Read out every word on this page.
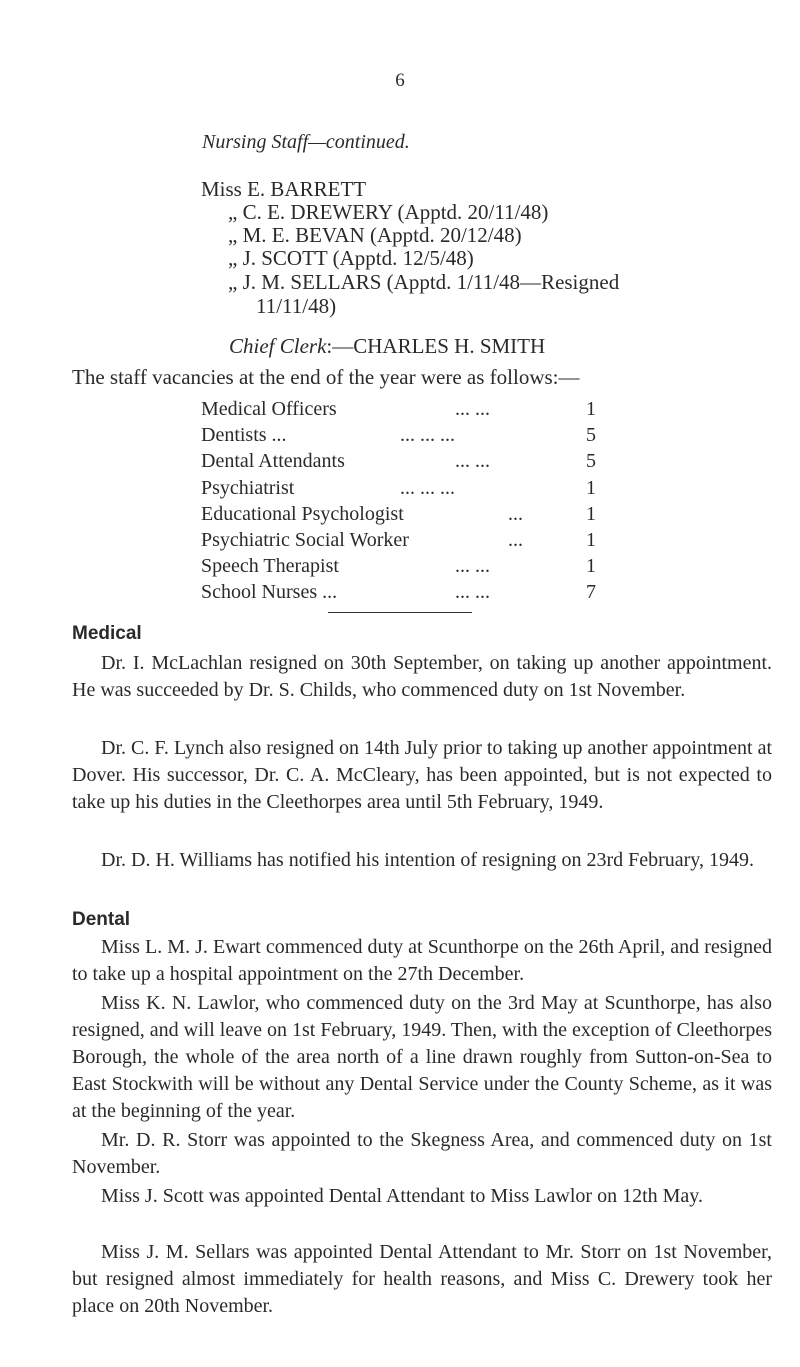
6
Nursing Staff—continued.
Miss E. BARRETT
„ C. E. DREWERY (Apptd. 20/11/48)
„ M. E. BEVAN (Apptd. 20/12/48)
„ J. SCOTT (Apptd. 12/5/48)
„ J. M. SELLARS (Apptd. 1/11/48—Resigned
11/11/48)
Chief Clerk:—CHARLES H. SMITH
The staff vacancies at the end of the year were as follows:—
Medical Officers	... ...	1
Dentists ...	... ... ...	5
Dental Attendants	... ...	5
Psychiatrist	... ... ...	1
Educational Psychologist	...	1
Psychiatric Social Worker	...	1
Speech Therapist	... ...	1
School Nurses ...	... ...	7
Medical
Dr. I. McLachlan resigned on 30th September, on taking up another appointment. He was succeeded by Dr. S. Childs, who commenced duty on 1st November.
Dr. C. F. Lynch also resigned on 14th July prior to taking up another appointment at Dover. His successor, Dr. C. A. McCleary, has been appointed, but is not expected to take up his duties in the Cleethorpes area until 5th February, 1949.
Dr. D. H. Williams has notified his intention of resigning on 23rd February, 1949.
Dental
Miss L. M. J. Ewart commenced duty at Scunthorpe on the 26th April, and resigned to take up a hospital appointment on the 27th December.
Miss K. N. Lawlor, who commenced duty on the 3rd May at Scunthorpe, has also resigned, and will leave on 1st February, 1949. Then, with the exception of Cleethorpes Borough, the whole of the area north of a line drawn roughly from Sutton-on-Sea to East Stockwith will be without any Dental Service under the County Scheme, as it was at the beginning of the year.
Mr. D. R. Storr was appointed to the Skegness Area, and commenced duty on 1st November.
Miss J. Scott was appointed Dental Attendant to Miss Lawlor on 12th May.
Miss J. M. Sellars was appointed Dental Attendant to Mr. Storr on 1st November, but resigned almost immediately for health reasons, and Miss C. Drewery took her place on 20th November.
